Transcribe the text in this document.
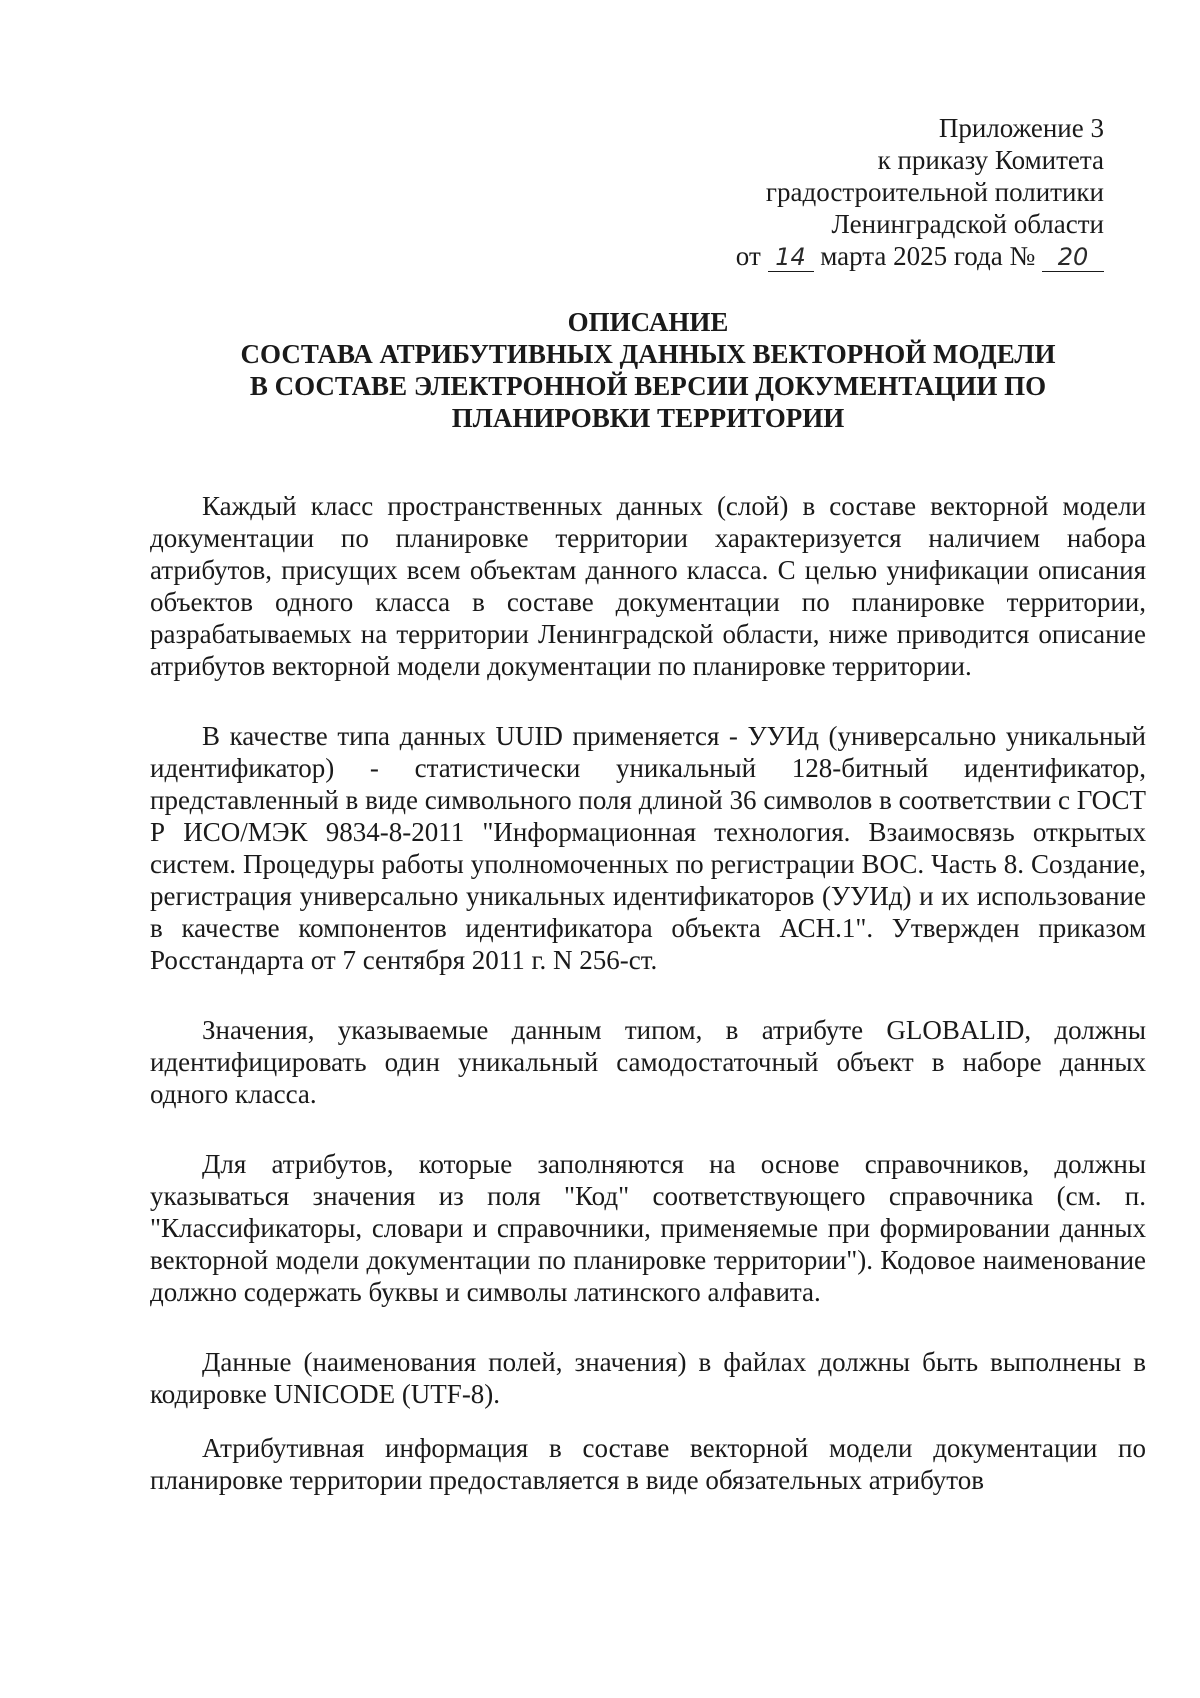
Приложение 3
к приказу Комитета
градостроительной политики
Ленинградской области
от 14 марта 2025 года № 20
ОПИСАНИЕ
СОСТАВА АТРИБУТИВНЫХ ДАННЫХ ВЕКТОРНОЙ МОДЕЛИ
В СОСТАВЕ ЭЛЕКТРОННОЙ ВЕРСИИ ДОКУМЕНТАЦИИ ПО
ПЛАНИРОВКИ ТЕРРИТОРИИ

Каждый класс пространственных данных (слой) в составе векторной модели документации по планировке территории характеризуется наличием набора атрибутов, присущих всем объектам данного класса. С целью унификации описания объектов одного класса в составе документации по планировке территории, разрабатываемых на территории Ленинградской области, ниже приводится описание атрибутов векторной модели документации по планировке территории.

В качестве типа данных UUID применяется - УУИд (универсально уникальный идентификатор) - статистически уникальный 128-битный идентификатор, представленный в виде символьного поля длиной 36 символов в соответствии с ГОСТ Р ИСО/МЭК 9834-8-2011 "Информационная технология. Взаимосвязь открытых систем. Процедуры работы уполномоченных по регистрации ВОС. Часть 8. Создание, регистрация универсально уникальных идентификаторов (УУИд) и их использование в качестве компонентов идентификатора объекта АСН.1". Утвержден приказом Росстандарта от 7 сентября 2011 г. N 256-ст.

Значения, указываемые данным типом, в атрибуте GLOBALID, должны идентифицировать один уникальный самодостаточный объект в наборе данных одного класса.

Для атрибутов, которые заполняются на основе справочников, должны указываться значения из поля "Код" соответствующего справочника (см. п. "Классификаторы, словари и справочники, применяемые при формировании данных векторной модели документации по планировке территории"). Кодовое наименование должно содержать буквы и символы латинского алфавита.

Данные (наименования полей, значения) в файлах должны быть выполнены в кодировке UNICODE (UTF-8).

Атрибутивная информация в составе векторной модели документации по планировке территории предоставляется в виде обязательных атрибутов
